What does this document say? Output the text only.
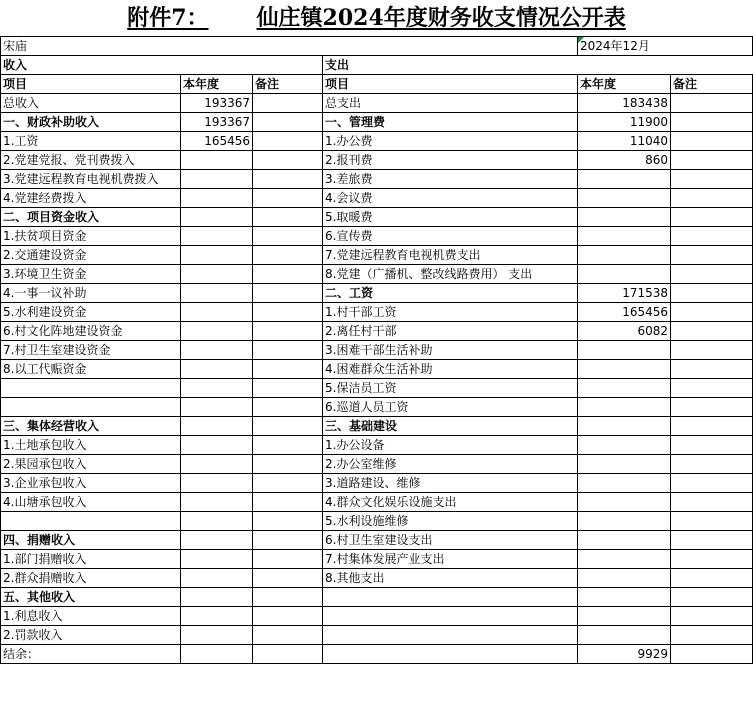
附件7： 仙庄镇2024年度财务收支情况公开表
宋庙				2024年12月	
收入			支出		
项目	本年度	备注	项目	本年度	备注
总收入	193367		总支出	183438	
一、财政补助收入	193367		一、管理费	11900	
1.工资	165456		1.办公费	11040	
2.党建党报、党刊费拨入			2.报刊费	860	
3.党建远程教育电视机费拨入			3.差旅费		
4.党建经费拨入			4.会议费		
二、项目资金收入			5.取暖费		
1.扶贫项目资金			6.宣传费		
2.交通建设资金			7.党建远程教育电视机费支出		
3.环境卫生资金			8.党建（广播机、整改线路费用） 支出		
4.一事一议补助			二、工资	171538	
5.水利建设资金			1.村干部工资	165456	
6.村文化阵地建设资金			2.离任村干部	6082	
7.村卫生室建设资金			3.困难干部生活补助		
8.以工代赈资金			4.困难群众生活补助		
			5.保洁员工资		
			6.巡道人员工资		
三、集体经营收入			三、基础建设		
1.土地承包收入			1.办公设备		
2.果园承包收入			2.办公室维修		
3.企业承包收入			3.道路建设、维修		
4.山塘承包收入			4.群众文化娱乐设施支出		
			5.水利设施维修		
四、捐赠收入			6.村卫生室建设支出		
1.部门捐赠收入			7.村集体发展产业支出		
2.群众捐赠收入			8.其他支出		
五、其他收入					
1.利息收入					
2.罚款收入					
结余：				9929	
